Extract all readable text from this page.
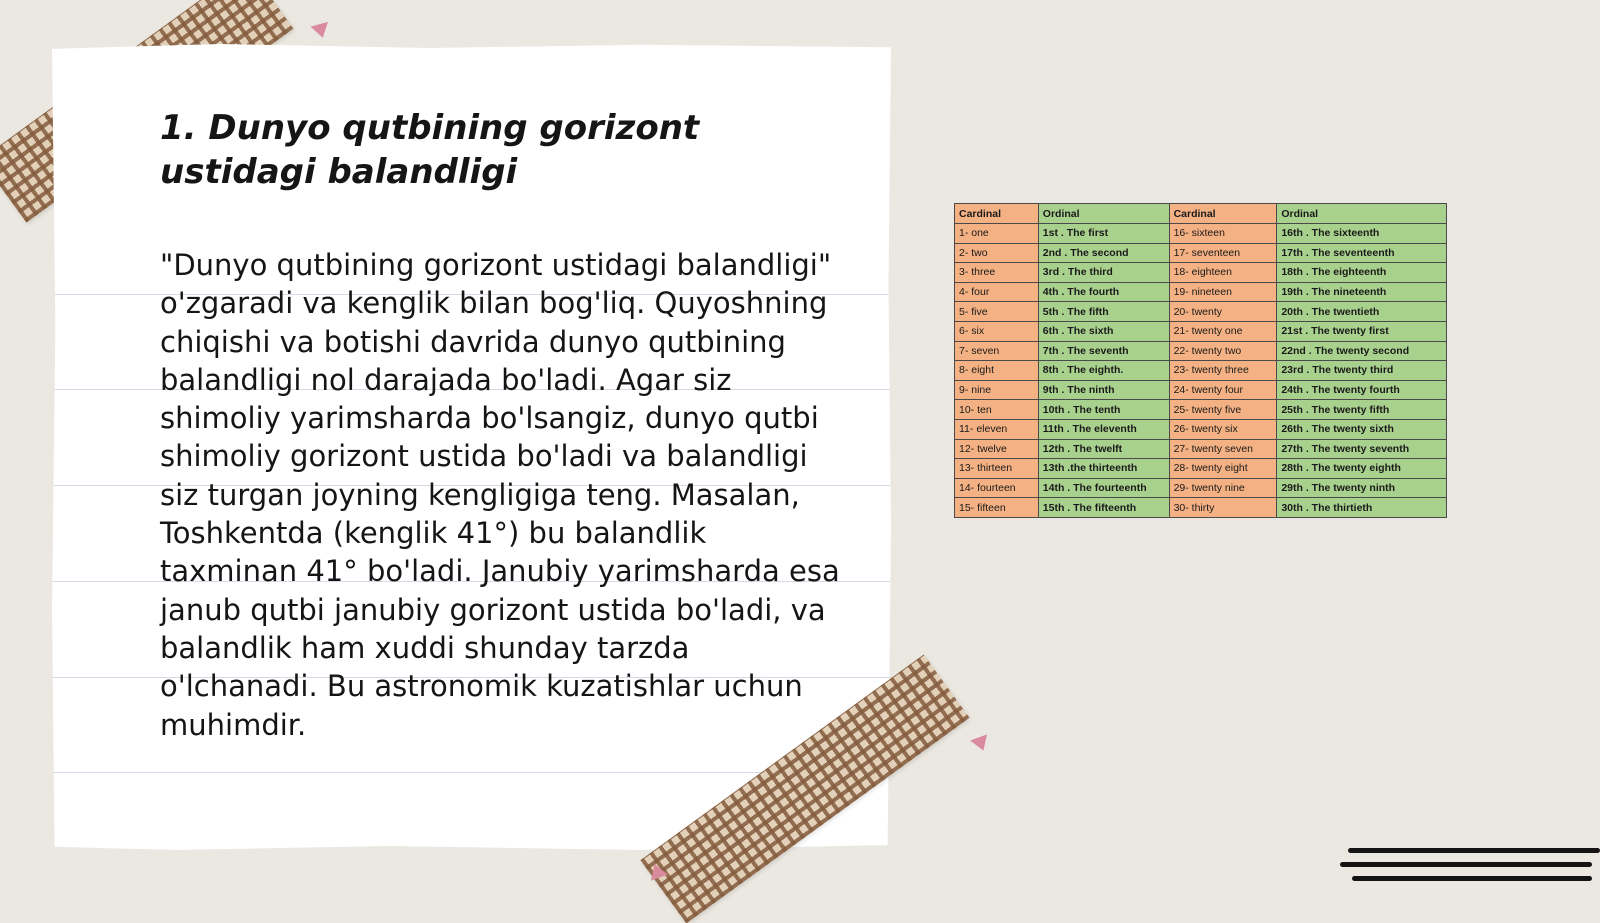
1. Dunyo qutbining gorizont ustidagi balandligi

"Dunyo qutbining gorizont ustidagi balandligi" o'zgaradi va kenglik bilan bog'liq. Quyoshning chiqishi va botishi davrida dunyo qutbining balandligi nol darajada bo'ladi. Agar siz shimoliy yarimsharda bo'lsangiz, dunyo qutbi shimoliy gorizont ustida bo'ladi va balandligi siz turgan joyning kengligiga teng. Masalan, Toshkentda (kenglik 41°) bu balandlik taxminan 41° bo'ladi. Janubiy yarimsharda esa janub qutbi janubiy gorizont ustida bo'ladi, va balandlik ham xuddi shunday tarzda o'lchanadi. Bu astronomik kuzatishlar uchun muhimdir.

Cardinal	Ordinal	Cardinal	Ordinal
1- one	1st . The first	16- sixteen	16th . The sixteenth
2- two	2nd . The second	17- seventeen	17th . The seventeenth
3- three	3rd . The third	18- eighteen	18th . The eighteenth
4- four	4th . The fourth	19- nineteen	19th . The nineteenth
5- five	5th . The fifth	20- twenty	20th . The twentieth
6- six	6th . The sixth	21- twenty one	21st . The twenty first
7- seven	7th . The seventh	22- twenty two	22nd . The twenty second
8- eight	8th . The eighth.	23- twenty three	23rd . The twenty third
9- nine	9th . The ninth	24- twenty four	24th . The twenty fourth
10- ten	10th . The tenth	25- twenty five	25th . The twenty fifth
11- eleven	11th . The eleventh	26- twenty six	26th . The twenty sixth
12- twelve	12th . The twelft	27- twenty seven	27th . The twenty seventh
13- thirteen	13th .the thirteenth	28- twenty eight	28th . The twenty eighth
14- fourteen	14th . The fourteenth	29- twenty nine	29th . The twenty ninth
15- fifteen	15th . The fifteenth	30- thirty	30th . The thirtieth
